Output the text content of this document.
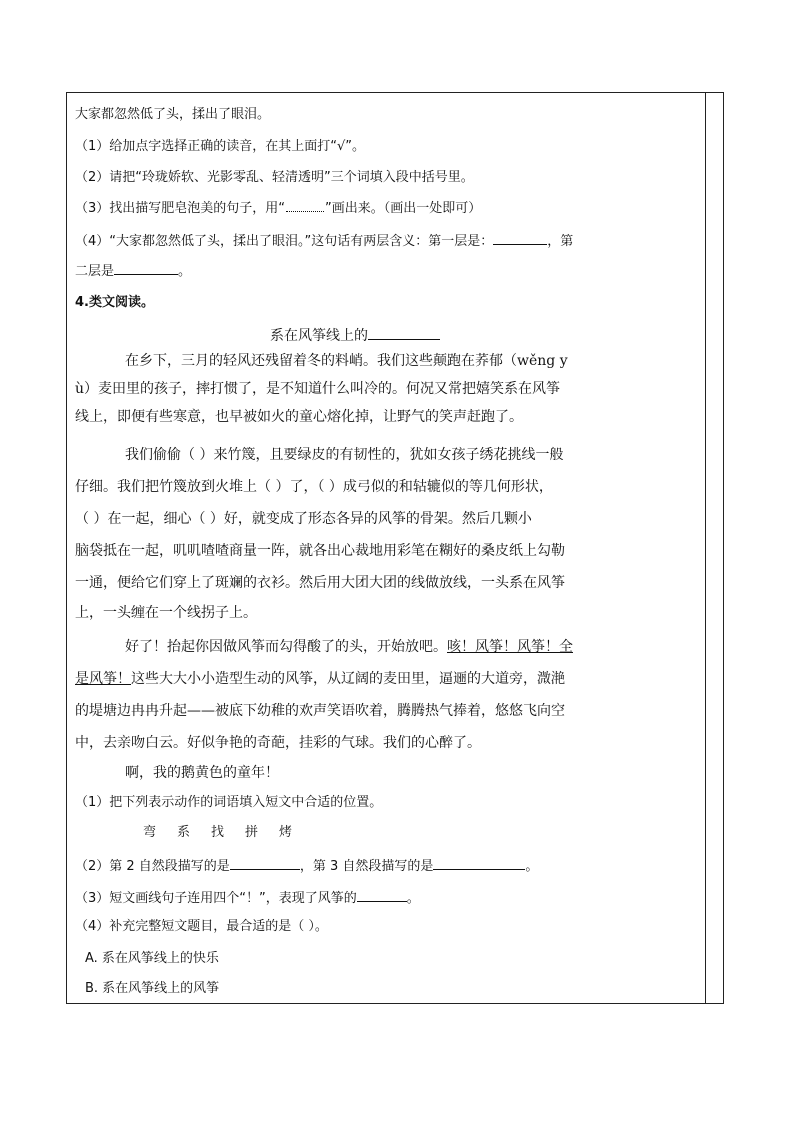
大家都忽然低了头，揉出了眼泪。
（1）给加点字选择正确的读音，在其上面打“√”。
（2）请把“玲珑娇软、光影零乱、轻清透明”三个词填入段中括号里。
（3）找出描写肥皂泡美的句子，用“	”画出来。（画出一处即可）
（4）“大家都忽然低了头，揉出了眼泪。”这句话有两层含义：第一层是：	，第
二层是	。
4.类文阅读。
系在风筝线上的
在乡下，三月的轻风还残留着冬的料峭。我们这些颠跑在荞郁（wěng y
ù）麦田里的孩子，摔打惯了，是不知道什么叫冷的。何况又常把嬉笑系在风筝
线上，即便有些寒意，也早被如火的童心熔化掉，让野气的笑声赶跑了。
我们偷偷（ ）来竹篾，且要绿皮的有韧性的，犹如女孩子绣花挑线一般
仔细。我们把竹篾放到火堆上（ ）了，（ ）成弓似的和轱辘似的等几何形状，
（ ）在一起，细心（ ）好，就变成了形态各异的风筝的骨架。然后几颗小
脑袋抵在一起，叽叽喳喳商量一阵，就各出心裁地用彩笔在糊好的桑皮纸上勾勒
一通，便给它们穿上了斑斓的衣衫。然后用大团大团的线做放线，一头系在风筝
上，一头缠在一个线拐子上。
好了！抬起你因做风筝而勾得酸了的头，开始放吧。咳！风筝！风筝！全
是风筝！这些大大小小造型生动的风筝，从辽阔的麦田里，逼逦的大道旁，溦滟
的堤塘边冉冉升起——被底下幼稚的欢声笑语吹着，腾腾热气捧着，悠悠飞向空
中，去亲吻白云。好似争艳的奇葩，挂彩的气球。我们的心醉了。
啊，我的鹅黄色的童年！
（1）把下列表示动作的词语填入短文中合适的位置。
弯 系 找 拼 烤
（2）第 2 自然段描写的是	，第 3 自然段描写的是	。
（3）短文画线句子连用四个“！”，表现了风筝的	。
（4）补充完整短文题目，最合适的是（ ）。
A. 系在风筝线上的快乐
B. 系在风筝线上的风筝
